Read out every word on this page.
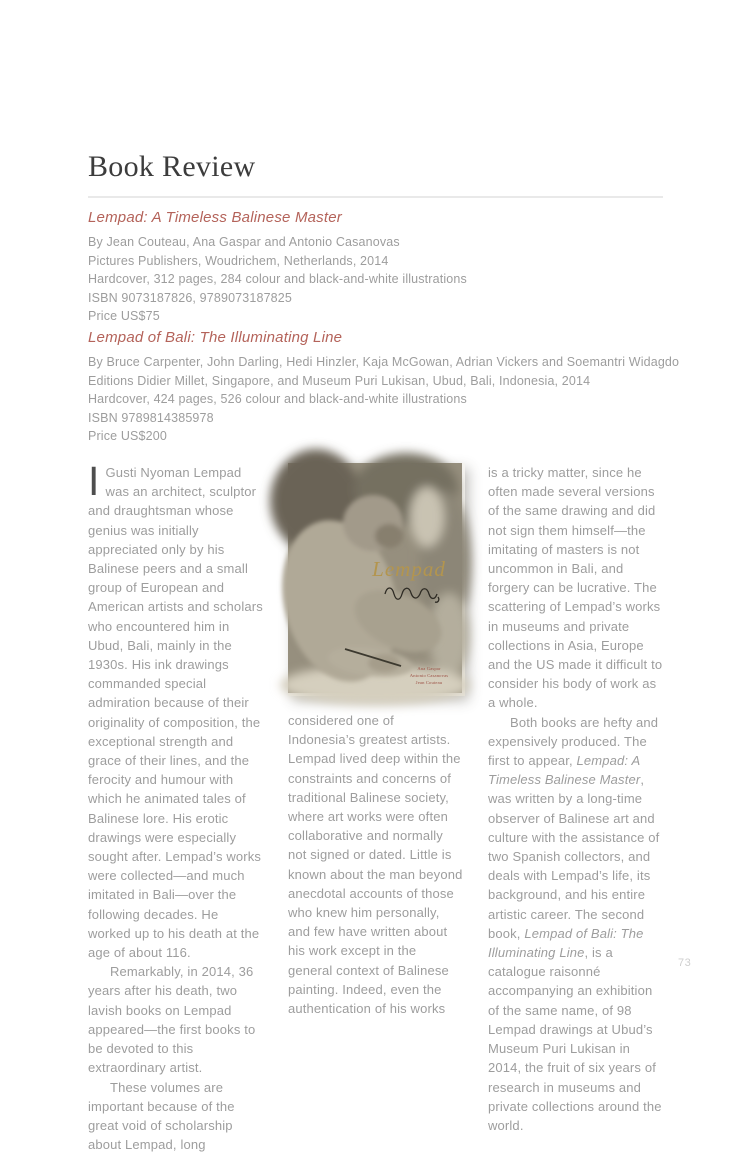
Book Review
Lempad: A Timeless Balinese Master
By Jean Couteau, Ana Gaspar and Antonio Casanovas
Pictures Publishers, Woudrichem, Netherlands, 2014
Hardcover, 312 pages, 284 colour and black-and-white illustrations
ISBN 9073187826, 9789073187825
Price US$75
Lempad of Bali: The Illuminating Line
By Bruce Carpenter, John Darling, Hedi Hinzler, Kaja McGowan, Adrian Vickers and Soemantri Widagdo
Editions Didier Millet, Singapore, and Museum Puri Lukisan, Ubud, Bali, Indonesia, 2014
Hardcover, 424 pages, 526 colour and black-and-white illustrations
ISBN 9789814385978
Price US$200

I Gusti Nyoman Lempad was an architect, sculptor and draughtsman whose genius was initially appreciated only by his Balinese peers and a small group of European and American artists and scholars who encountered him in Ubud, Bali, mainly in the 1930s. His ink drawings commanded special admiration because of their originality of composition, the exceptional strength and grace of their lines, and the ferocity and humour with which he animated tales of Balinese lore. His erotic drawings were especially sought after. Lempad’s works were collected—and much imitated in Bali—over the following decades. He worked up to his death at the age of about 116.

Remarkably, in 2014, 36 years after his death, two lavish books on Lempad appeared—the first books to be devoted to this extraordinary artist.

These volumes are important because of the great void of scholarship about Lempad, long

Lempad
Ana Gaspar
Antonio Casanovas
Jean Couteau

considered one of Indonesia’s greatest artists. Lempad lived deep within the constraints and concerns of traditional Balinese society, where art works were often collaborative and normally not signed or dated. Little is known about the man beyond anecdotal accounts of those who knew him personally, and few have written about his work except in the general context of Balinese painting. Indeed, even the authentication of his works

is a tricky matter, since he often made several versions of the same drawing and did not sign them himself—the imitating of masters is not uncommon in Bali, and forgery can be lucrative. The scattering of Lempad’s works in museums and private collections in Asia, Europe and the US made it difficult to consider his body of work as a whole.

Both books are hefty and expensively produced. The first to appear, Lempad: A Timeless Balinese Master, was written by a long-time observer of Balinese art and culture with the assistance of two Spanish collectors, and deals with Lempad’s life, its background, and his entire artistic career. The second book, Lempad of Bali: The Illuminating Line, is a catalogue raisonné accompanying an exhibition of the same name, of 98 Lempad drawings at Ubud’s Museum Puri Lukisan in 2014, the fruit of six years of research in museums and private collections around the world.

73
